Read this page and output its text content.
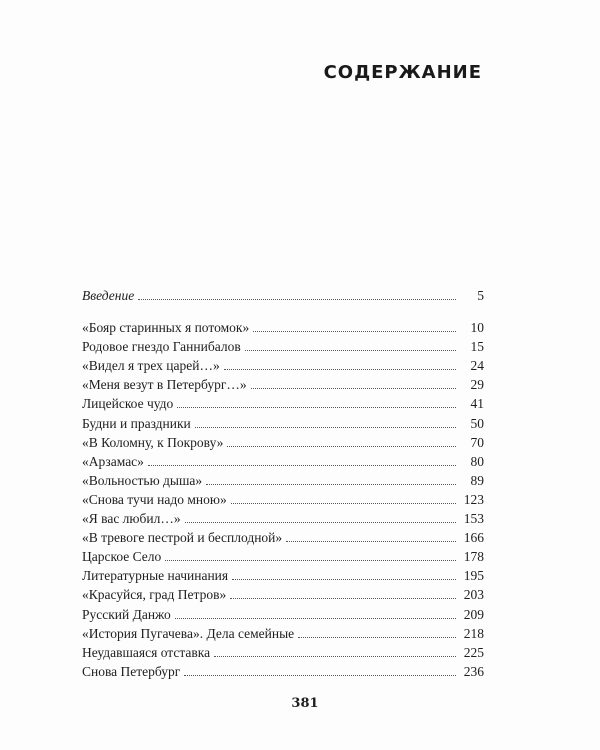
СОДЕРЖАНИЕ
Введение	5
«Бояр старинных я потомок»	10
Родовое гнездо Ганнибалов	15
«Видел я трех царей…»	24
«Меня везут в Петербург…»	29
Лицейское чудо	41
Будни и праздники	50
«В Коломну, к Покрову»	70
«Арзамас»	80
«Вольностью дыша»	89
«Снова тучи надо мною»	123
«Я вас любил…»	153
«В тревоге пестрой и бесплодной»	166
Царское Село	178
Литературные начинания	195
«Красуйся, град Петров»	203
Русский Данжо	209
«История Пугачева». Дела семейные	218
Неудавшаяся отставка	225
Снова Петербург	236
381
